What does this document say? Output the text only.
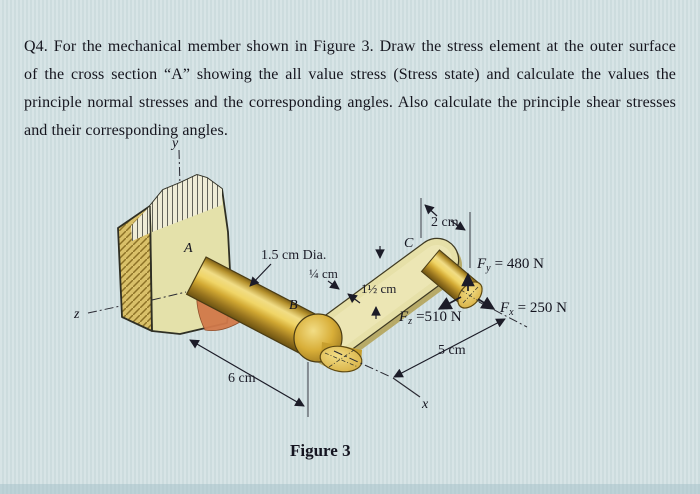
Q4. For the mechanical member shown in Figure 3. Draw the stress element at the outer surface
of the cross section “A” showing the all value stress (Stress state) and calculate the values the
principle normal stresses and the corresponding angles. Also calculate the principle shear stresses
and their corresponding angles.
y
z
A
B
C
1.5 cm Dia.
¼ cm
1½ cm
2 cm
6 cm
5 cm
x
$F_y = 480$ N
$F_x = 250$ N
$F_z =510$ N
Figure 3
